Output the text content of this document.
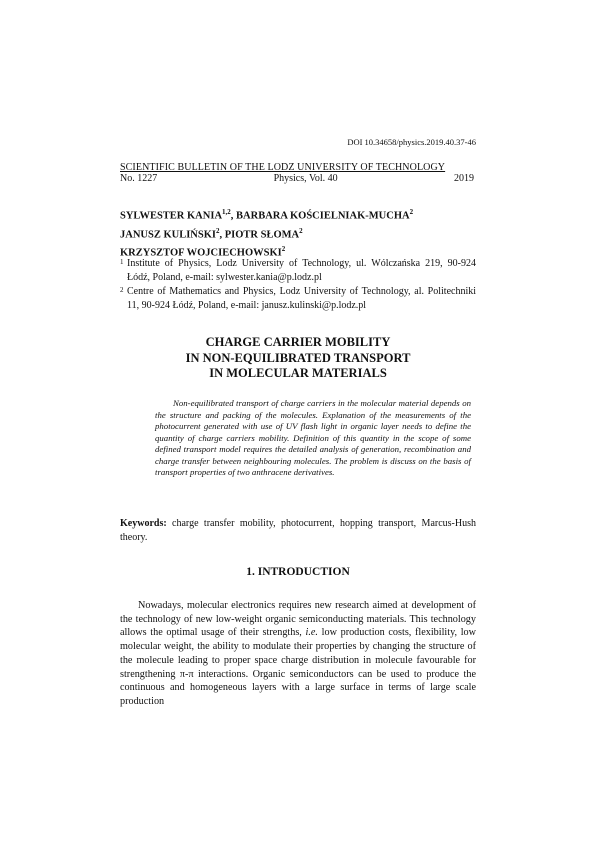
DOI 10.34658/physics.2019.40.37-46
SCIENTIFIC BULLETIN OF THE LODZ UNIVERSITY OF TECHNOLOGY
No. 1227	Physics, Vol. 40	2019
SYLWESTER KANIA$^{1,2}$, BARBARA KOŚCIELNIAK-MUCHA$^2$
JANUSZ KULIŃSKI$^2$, PIOTR SŁOMA$^2$
KRZYSZTOF WOJCIECHOWSKI$^2$
1 Institute of Physics, Lodz University of Technology, ul. Wólczańska 219, 90-924 Łódź, Poland, e-mail: sylwester.kania@p.lodz.pl
2 Centre of Mathematics and Physics, Lodz University of Technology, al. Politechniki 11, 90-924 Łódź, Poland, e-mail: janusz.kulinski@p.lodz.pl
CHARGE CARRIER MOBILITY
IN NON-EQUILIBRATED TRANSPORT
IN MOLECULAR MATERIALS
Non-equilibrated transport of charge carriers in the molecular material depends on the structure and packing of the molecules. Explanation of the measurements of the photocurrent generated with use of UV flash light in organic layer needs to define the quantity of charge carriers mobility. Definition of this quantity in the scope of some defined transport model requires the detailed analysis of generation, recombination and charge transfer between neighbouring molecules. The problem is discuss on the basis of transport properties of two anthracene derivatives.
Keywords: charge transfer mobility, photocurrent, hopping transport, Marcus-Hush theory.
1. INTRODUCTION
Nowadays, molecular electronics requires new research aimed at development of the technology of new low-weight organic semiconducting materials. This technology allows the optimal usage of their strengths, i.e. low production costs, flexibility, low molecular weight, the ability to modulate their properties by changing the structure of the molecule leading to proper space charge distribution in molecule favourable for strengthening π-π interactions. Organic semiconductors can be used to produce the continuous and homogeneous layers with a large surface in terms of large scale production
